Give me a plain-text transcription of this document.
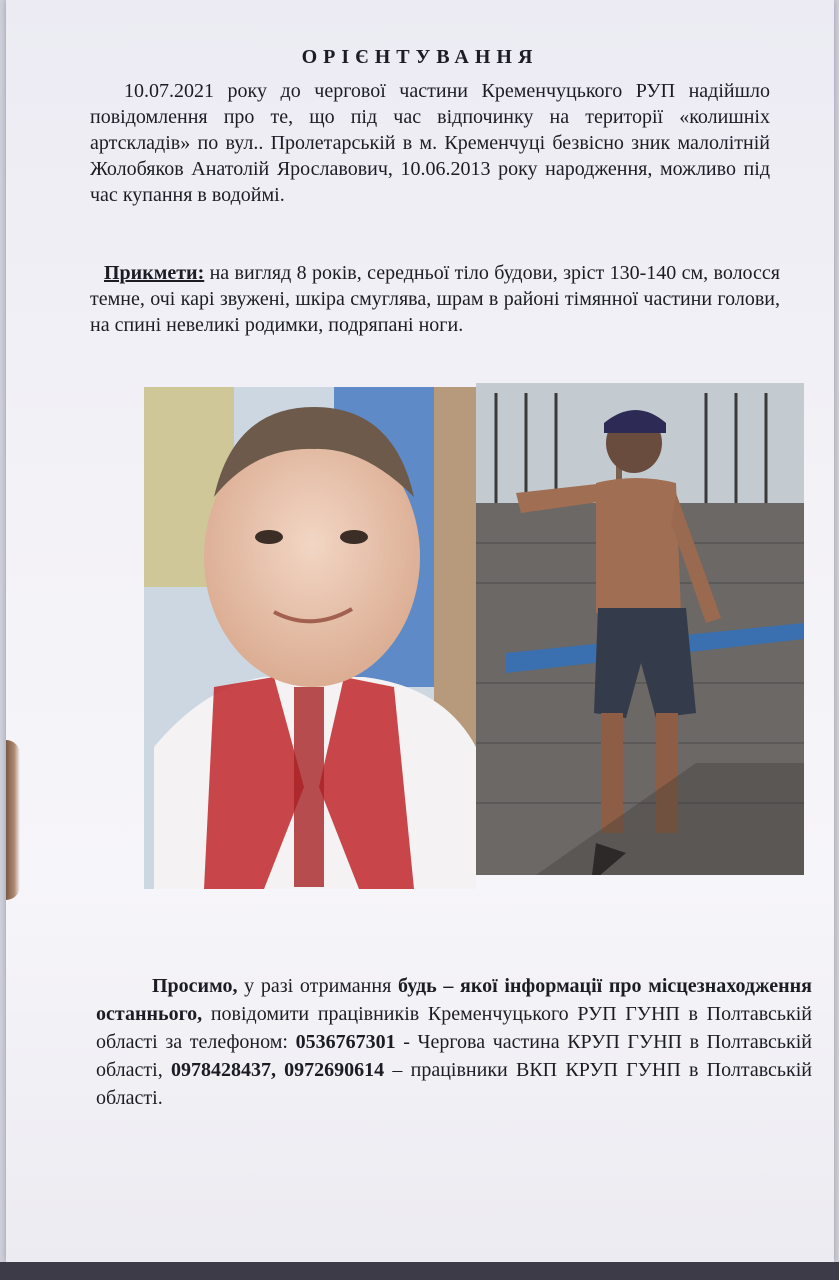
ОРІЄНТУВАННЯ

10.07.2021 року до чергової частини Кременчуцького РУП надійшло повідомлення про те, що під час відпочинку на території «колишніх артскладів» по вул.. Пролетарській в м. Кременчуці безвісно зник малолітній Жолобяков Анатолій Ярославович, 10.06.2013 року народження, можливо під час купання в водоймі.

Прикмети: на вигляд 8 років, середньої тіло будови, зріст 130-140 см, волосся темне, очі карі звужені, шкіра смуглява, шрам в районі тімянної частини голови, на спині невеликі родимки, подряпані ноги.

Просимо, у разі отримання будь – якої інформації про місцезнаходження останнього, повідомити працівників Кременчуцького РУП ГУНП в Полтавській області за телефоном: 0536767301 - Чергова частина КРУП ГУНП в Полтавській області, 0978428437, 0972690614 – працівники ВКП КРУП ГУНП в Полтавській області.
